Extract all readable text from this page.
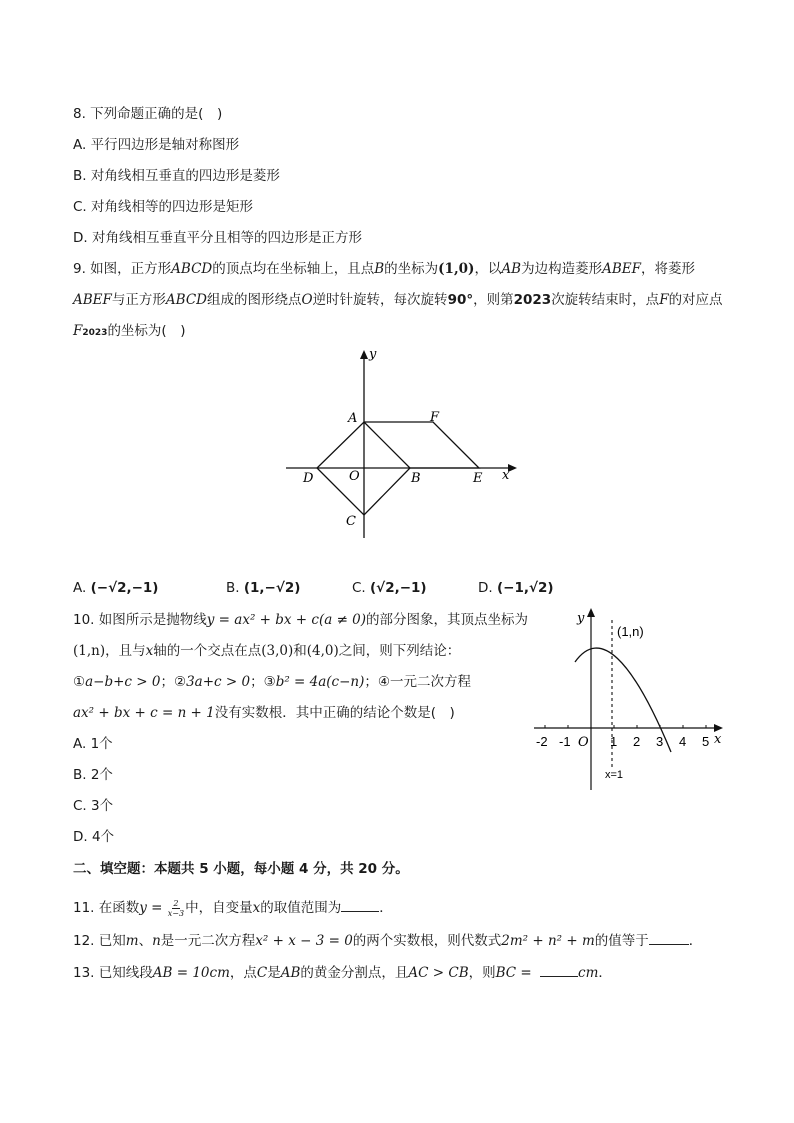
8. 下列命题正确的是(　)
A. 平行四边形是轴对称图形
B. 对角线相互垂直的四边形是菱形
C. 对角线相等的四边形是矩形
D. 对角线相互垂直平分且相等的四边形是正方形
9. 如图，正方形ABCD的顶点均在坐标轴上，且点B的坐标为(1,0)，以AB为边构造菱形ABEF，将菱形
ABEF与正方形ABCD组成的图形绕点O逆时针旋转，每次旋转90°，则第2023次旋转结束时，点F的对应点
F2023的坐标为(　)
y
x
A	F
D	O	B	E
C
A. (−√2,−1)	B. (1,−√2)	C. (√2,−1)	D. (−1,√2)
10. 如图所示是抛物线y = ax² + bx + c(a ≠ 0)的部分图象，其顶点坐标为
(1,n)，且与x轴的一个交点在点(3,0)和(4,0)之间，则下列结论：
①a−b+c > 0；②3a+c > 0；③b² = 4a(c−n)；④一元二次方程
ax² + bx + c = n + 1没有实数根．其中正确的结论个数是(　)
A. 1个
B. 2个
C. 3个
D. 4个
-2 -1	1 2 3 4 5
y
x
(1,n)
O
x=1
二、填空题：本题共 5 小题，每小题 4 分，共 20 分。
11. 在函数$y = \frac{2}{x-3}$ 中，自变量x的取值范围为	．
12. 已知m、n是一元二次方程x² + x − 3 = 0的两个实数根，则代数式2m² + n² + m的值等于	．
13. 已知线段AB = 10cm，点C是AB的黄金分割点，且AC > CB，则BC =	cm．
